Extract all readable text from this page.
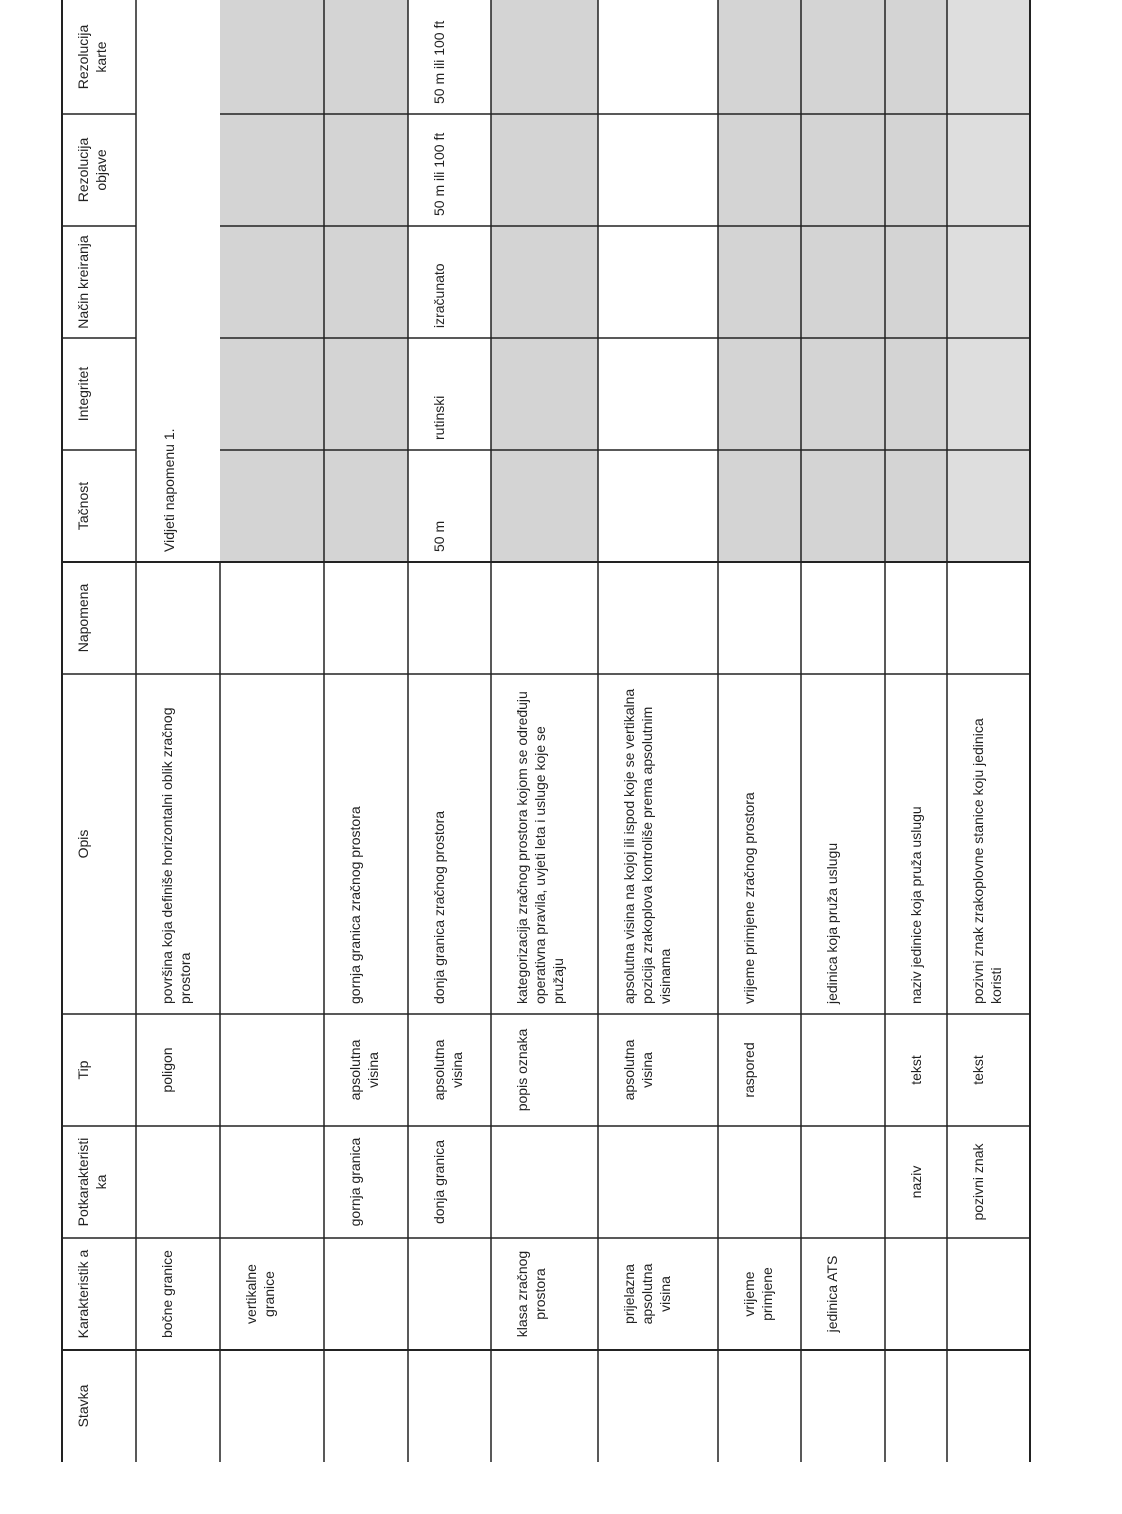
Stavka
Karakteristik a
Potkarakteristi ka
Tip
Opis
Napomena
Tačnost
Integritet
Način kreiranja
Rezolucija objave
Rezolucija karte
Vidjeti napomenu 1.
bočne granice
poligon
površina koja definiše horizontalni oblik zračnog prostora
vertikalne granice
gornja granica
apsolutna visina
gornja granica zračnog prostora
donja granica
apsolutna visina
donja granica zračnog prostora
50 m
rutinski
izračunato
50 m ili 100 ft
50 m ili 100 ft
klasa zračnog prostora
popis oznaka
kategorizacija zračnog prostora kojom se određuju operativna pravila, uvjeti leta i usluge koje se pružaju
prijelazna apsolutna visina
apsolutna visina
apsolutna visina na kojoj ili ispod koje se vertikalna pozicija zrakoplova kontroliše prema apsolutnim visinama
vrijeme primjene
raspored
vrijeme primjene zračnog prostora
jedinica ATS
jedinica koja pruža uslugu
naziv
tekst
naziv jedinice koja pruža uslugu
pozivni znak
tekst
pozivni znak zrakoplovne stanice koju jedinica koristi
